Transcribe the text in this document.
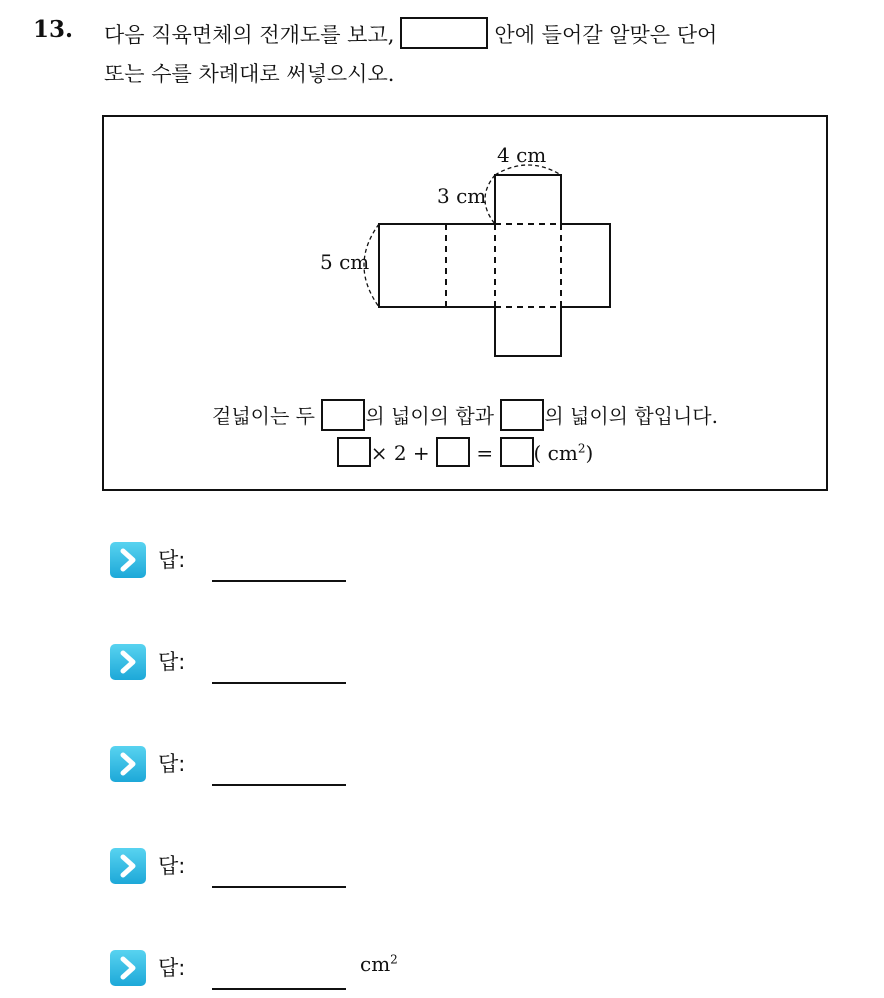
13. 다음 직육면체의 전개도를 보고,	안에 들어갈 알맞은 단어
또는 수를 차례대로 써넣으시오.
4 cm
3 cm
5 cm
겉넓이는 두	의 넓이의 합과	의 넓이의 합입니다.
× 2 + = ( $cm^2$)
답:
답:
답:
답:
답:	$cm^2$
